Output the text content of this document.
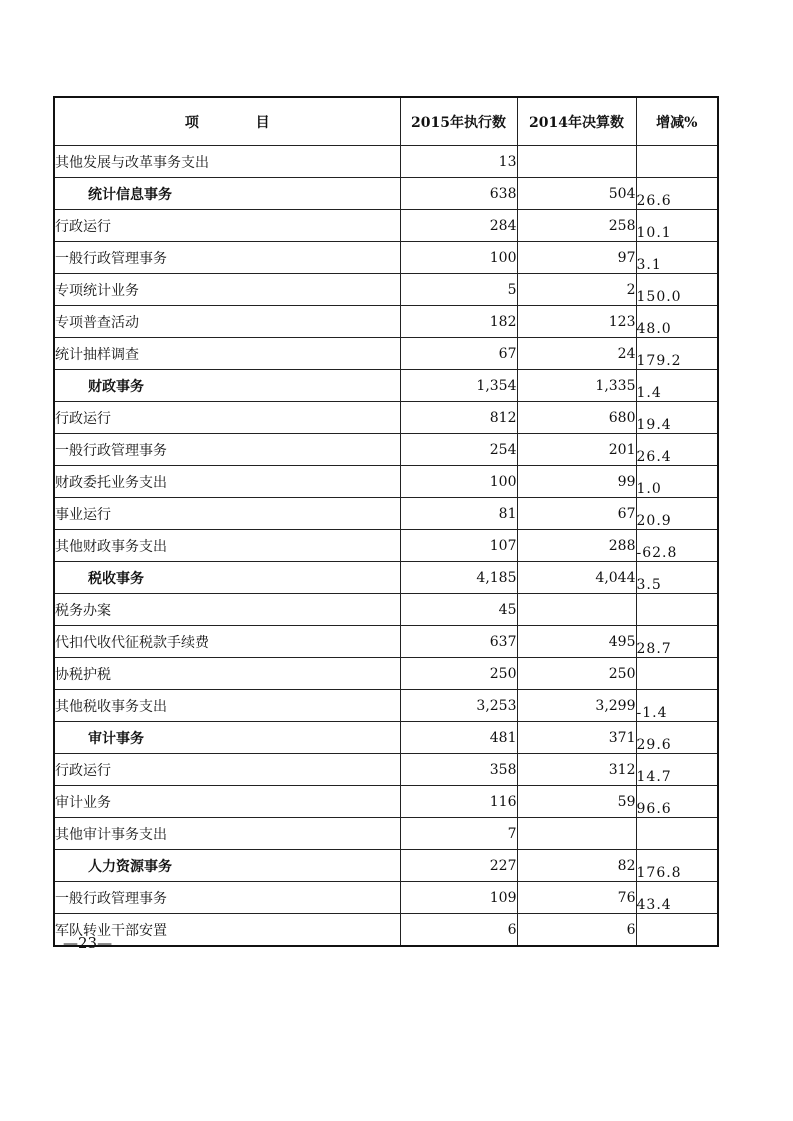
项 目	2015年执行数	2014年决算数	增减%
其他发展与改革事务支出	13		
统计信息事务	638	504	26.6
行政运行	284	258	10.1
一般行政管理事务	100	97	3.1
专项统计业务	5	2	150.0
专项普查活动	182	123	48.0
统计抽样调查	67	24	179.2
财政事务	1,354	1,335	1.4
行政运行	812	680	19.4
一般行政管理事务	254	201	26.4
财政委托业务支出	100	99	1.0
事业运行	81	67	20.9
其他财政事务支出	107	288	-62.8
税收事务	4,185	4,044	3.5
税务办案	45		
代扣代收代征税款手续费	637	495	28.7
协税护税	250	250	
其他税收事务支出	3,253	3,299	-1.4
审计事务	481	371	29.6
行政运行	358	312	14.7
审计业务	116	59	96.6
其他审计事务支出	7		
人力资源事务	227	82	176.8
一般行政管理事务	109	76	43.4
军队转业干部安置	6	6	
—23—
